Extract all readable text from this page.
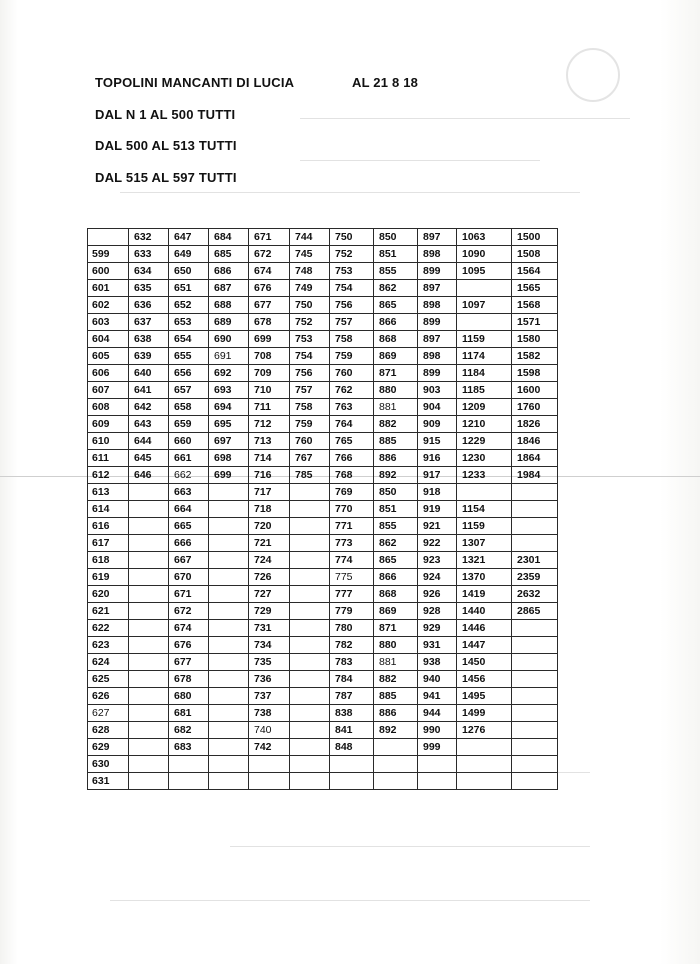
TOPOLINI MANCANTI DI LUCIA	AL 21 8 18
DAL N 1 AL 500 TUTTI
DAL 500 AL 513 TUTTI
DAL 515 AL 597 TUTTI
	632	647	684	671	744	750	850	897	1063	1500
599	633	649	685	672	745	752	851	898	1090	1508
600	634	650	686	674	748	753	855	899	1095	1564
601	635	651	687	676	749	754	862	897		1565
602	636	652	688	677	750	756	865	898	1097	1568
603	637	653	689	678	752	757	866	899		1571
604	638	654	690	699	753	758	868	897	1159	1580
605	639	655	691	708	754	759	869	898	1174	1582
606	640	656	692	709	756	760	871	899	1184	1598
607	641	657	693	710	757	762	880	903	1185	1600
608	642	658	694	711	758	763	881	904	1209	1760
609	643	659	695	712	759	764	882	909	1210	1826
610	644	660	697	713	760	765	885	915	1229	1846
611	645	661	698	714	767	766	886	916	1230	1864
612	646	662	699	716	785	768	892	917	1233	1984
613		663		717		769	850	918		
614		664		718		770	851	919	1154	
616		665		720		771	855	921	1159	
617		666		721		773	862	922	1307	
618		667		724		774	865	923	1321	2301
619		670		726		775	866	924	1370	2359
620		671		727		777	868	926	1419	2632
621		672		729		779	869	928	1440	2865
622		674		731		780	871	929	1446	
623		676		734		782	880	931	1447	
624		677		735		783	881	938	1450	
625		678		736		784	882	940	1456	
626		680		737		787	885	941	1495	
627		681		738		838	886	944	1499	
628		682		740		841	892	990	1276	
629		683		742		848		999		
630										
631										
